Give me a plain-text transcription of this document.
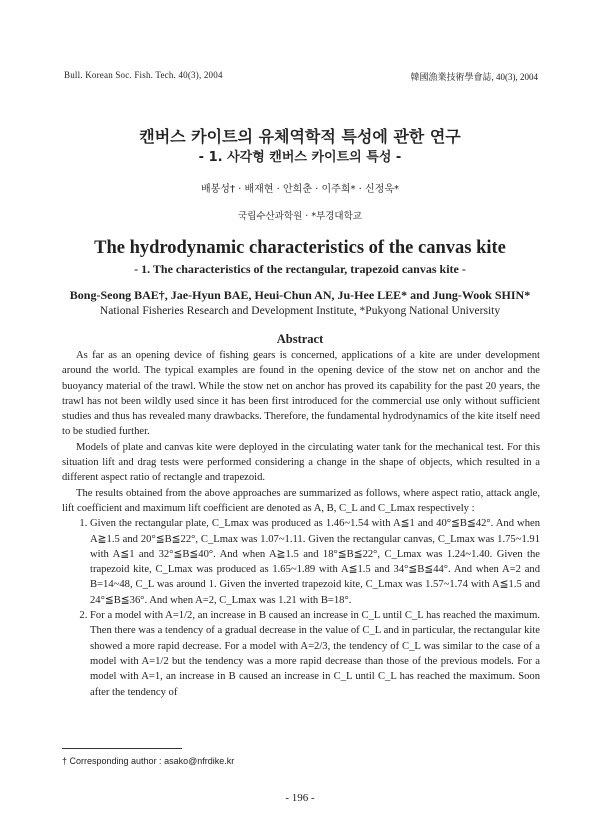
Bull. Korean Soc. Fish. Tech. 40(3), 2004	韓國漁業技術學會誌, 40(3), 2004
캔버스 카이트의 유체역학적 특성에 관한 연구
- 1. 사각형 캔버스 카이트의 특성 -
배봉성† · 배재현 · 안희춘 · 이주희* · 신정욱*
국립수산과학원 · *부경대학교
The hydrodynamic characteristics of the canvas kite
- 1. The characteristics of the rectangular, trapezoid canvas kite -
Bong-Seong BAE†, Jae-Hyun BAE, Heui-Chun AN, Ju-Hee LEE* and Jung-Wook SHIN*
National Fisheries Research and Development Institute, *Pukyong National University
Abstract

As far as an opening device of fishing gears is concerned, applications of a kite are under development around the world. The typical examples are found in the opening device of the stow net on anchor and the buoyancy material of the trawl. While the stow net on anchor has proved its capability for the past 20 years, the trawl has not been wildly used since it has been first introduced for the commercial use only without sufficient studies and thus has revealed many drawbacks. Therefore, the fundamental hydrodynamics of the kite itself need to be studied further.

Models of plate and canvas kite were deployed in the circulating water tank for the mechanical test. For this situation lift and drag tests were performed considering a change in the shape of objects, which resulted in a different aspect ratio of rectangle and trapezoid.

The results obtained from the above approaches are summarized as follows, where aspect ratio, attack angle, lift coefficient and maximum lift coefficient are denoted as A, B, C_L and C_Lmax respectively :

1. Given the rectangular plate, C_Lmax was produced as 1.46~1.54 with A≦1 and 40°≦B≦42°. And when A≧1.5 and 20°≦B≦22°, C_Lmax was 1.07~1.11. Given the rectangular canvas, C_Lmax was 1.75~1.91 with A≦1 and 32°≦B≦40°. And when A≧1.5 and 18°≦B≦22°, C_Lmax was 1.24~1.40. Given the trapezoid kite, C_Lmax was produced as 1.65~1.89 with A≦1.5 and 34°≦B≦44°. And when A=2 and B=14~48, C_L was around 1. Given the inverted trapezoid kite, C_Lmax was 1.57~1.74 with A≦1.5 and 24°≦B≦36°. And when A=2, C_Lmax was 1.21 with B=18°.
2. For a model with A=1/2, an increase in B caused an increase in C_L until C_L has reached the maximum. Then there was a tendency of a gradual decrease in the value of C_L and in particular, the rectangular kite showed a more rapid decrease. For a model with A=2/3, the tendency of C_L was similar to the case of a model with A=1/2 but the tendency was a more rapid decrease than those of the previous models. For a model with A=1, an increase in B caused an increase in C_L until C_L has reached the maximum. Soon after the tendency of
† Corresponding author : asako@nfrdike.kr
- 196 -
